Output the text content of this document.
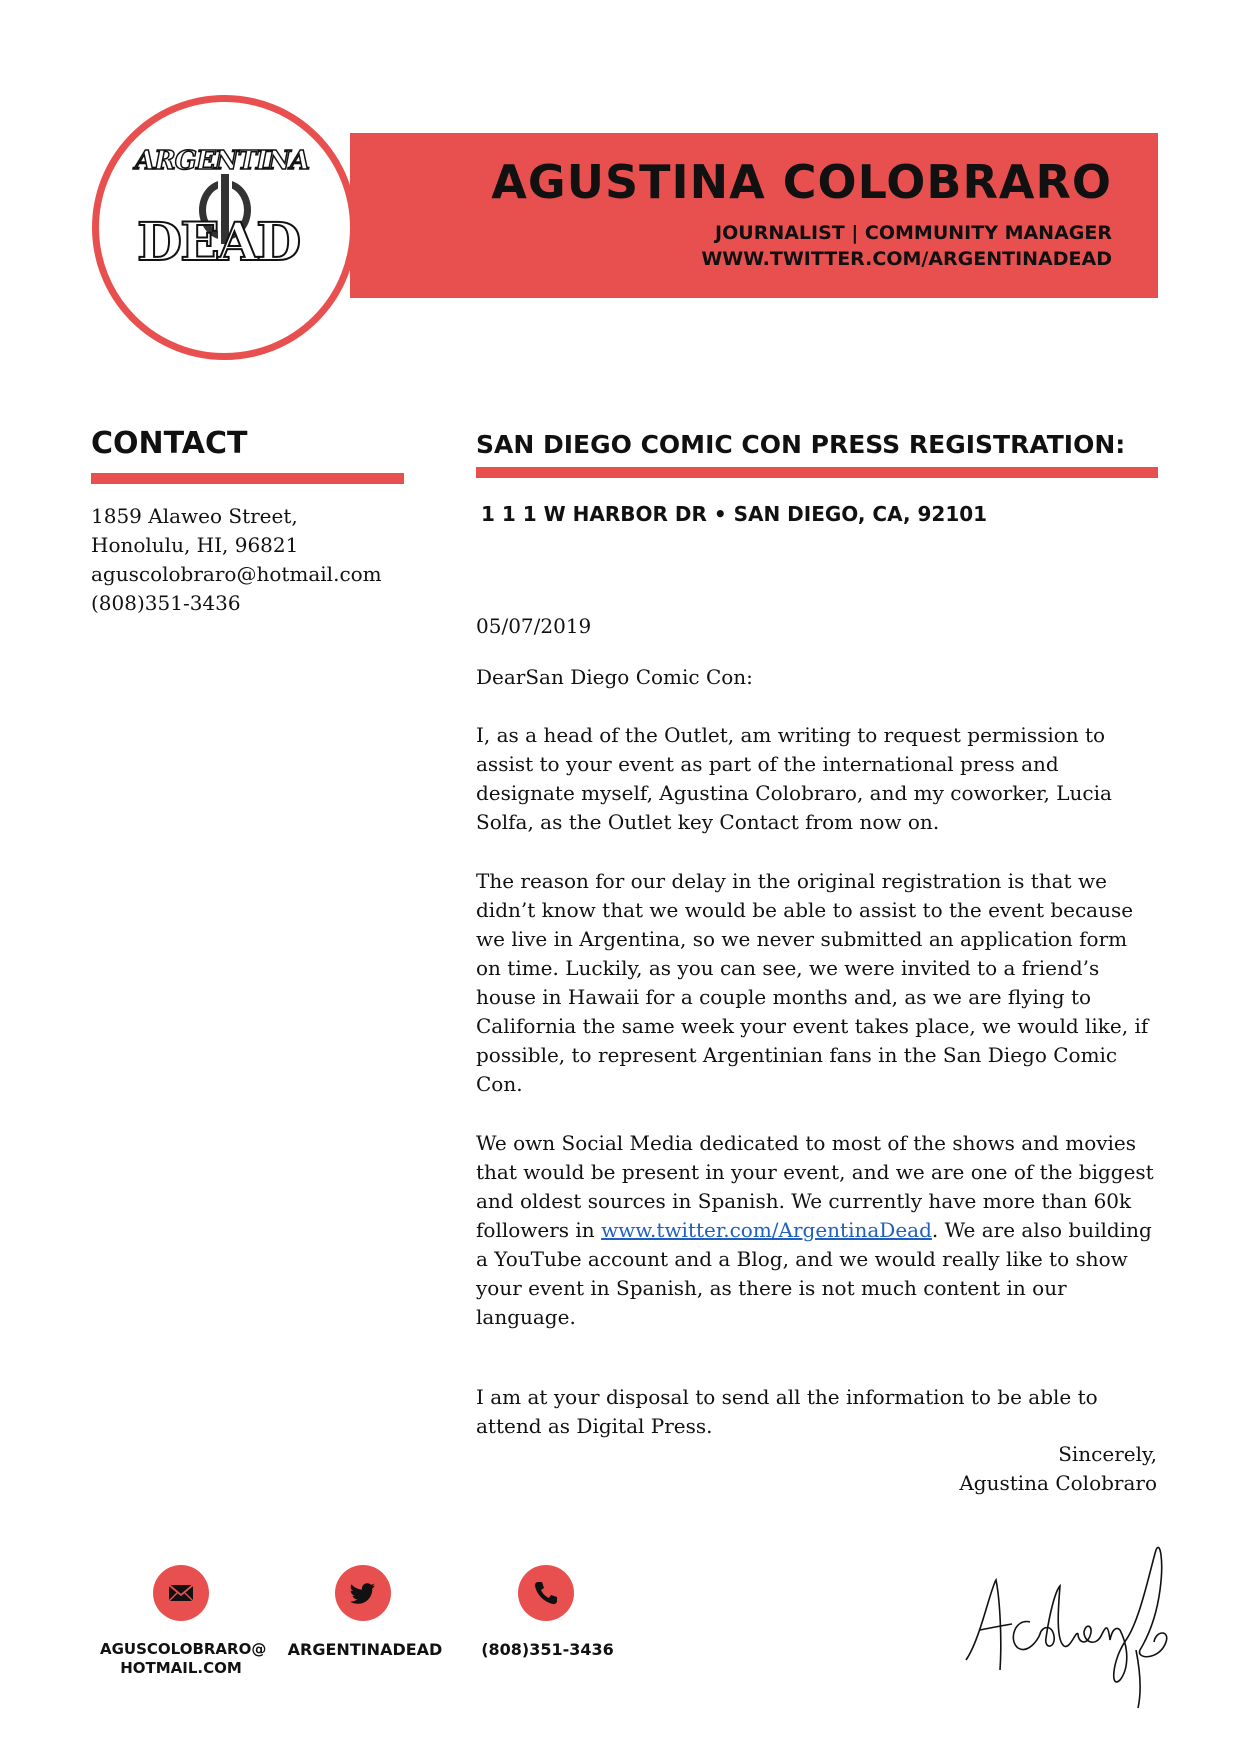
AGUSTINA COLOBRARO
JOURNALIST | COMMUNITY MANAGER
WWW.TWITTER.COM/ARGENTINADEAD
ARGENTINA
DEAD
CONTACT
1859 Alaweo Street,
Honolulu, HI, 96821
aguscolobraro@hotmail.com
(808)351-3436
SAN DIEGO COMIC CON PRESS REGISTRATION:
1 1 1 W HARBOR DR • SAN DIEGO, CA, 92101

05/07/2019

DearSan Diego Comic Con:

I, as a head of the Outlet, am writing to request permission to assist to your event as part of the international press and designate myself, Agustina Colobraro, and my coworker, Lucia Solfa, as the Outlet key Contact from now on.

The reason for our delay in the original registration is that we didn’t know that we would be able to assist to the event because we live in Argentina, so we never submitted an application form on time. Luckily, as you can see, we were invited to a friend’s house in Hawaii for a couple months and, as we are flying to California the same week your event takes place, we would like, if possible, to represent Argentinian fans in the San Diego Comic Con.

We own Social Media dedicated to most of the shows and movies that would be present in your event, and we are one of the biggest and oldest sources in Spanish. We currently have more than 60k followers in www.twitter.com/ArgentinaDead. We are also building a YouTube account and a Blog, and we would really like to show your event in Spanish, as there is not much content in our language.

I am at your disposal to send all the information to be able to attend as Digital Press.

Sincerely,
Agustina Colobraro
AGUSCOLOBRARO@
HOTMAIL.COM
ARGENTINADEAD	(808)351-3436
